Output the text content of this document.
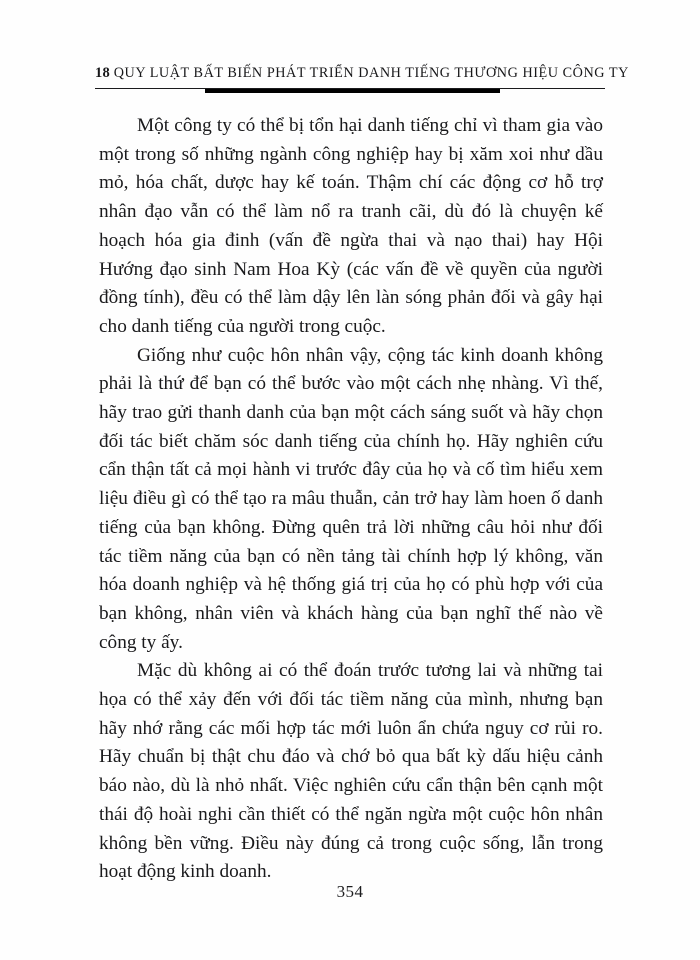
18 QUY LUẬT BẤT BIẾN PHÁT TRIỂN DANH TIẾNG THƯƠNG HIỆU CÔNG TY

Một công ty có thể bị tổn hại danh tiếng chỉ vì tham gia vào một trong số những ngành công nghiệp hay bị xăm xoi như dầu mỏ, hóa chất, dược hay kế toán. Thậm chí các động cơ hỗ trợ nhân đạo vẫn có thể làm nổ ra tranh cãi, dù đó là chuyện kế hoạch hóa gia đinh (vấn đề ngừa thai và nạo thai) hay Hội Hướng đạo sinh Nam Hoa Kỳ (các vấn đề về quyền của người đồng tính), đều có thể làm dậy lên làn sóng phản đối và gây hại cho danh tiếng của người trong cuộc.

Giống như cuộc hôn nhân vậy, cộng tác kinh doanh không phải là thứ để bạn có thể bước vào một cách nhẹ nhàng. Vì thế, hãy trao gửi thanh danh của bạn một cách sáng suốt và hãy chọn đối tác biết chăm sóc danh tiếng của chính họ. Hãy nghiên cứu cẩn thận tất cả mọi hành vi trước đây của họ và cố tìm hiểu xem liệu điều gì có thể tạo ra mâu thuẫn, cản trở hay làm hoen ố danh tiếng của bạn không. Đừng quên trả lời những câu hỏi như đối tác tiềm năng của bạn có nền tảng tài chính hợp lý không, văn hóa doanh nghiệp và hệ thống giá trị của họ có phù hợp với của bạn không, nhân viên và khách hàng của bạn nghĩ thế nào về công ty ấy.

Mặc dù không ai có thể đoán trước tương lai và những tai họa có thể xảy đến với đối tác tiềm năng của mình, nhưng bạn hãy nhớ rằng các mối hợp tác mới luôn ẩn chứa nguy cơ rủi ro. Hãy chuẩn bị thật chu đáo và chớ bỏ qua bất kỳ dấu hiệu cảnh báo nào, dù là nhỏ nhất. Việc nghiên cứu cẩn thận bên cạnh một thái độ hoài nghi cần thiết có thể ngăn ngừa một cuộc hôn nhân không bền vững. Điều này đúng cả trong cuộc sống, lẫn trong hoạt động kinh doanh.

354
